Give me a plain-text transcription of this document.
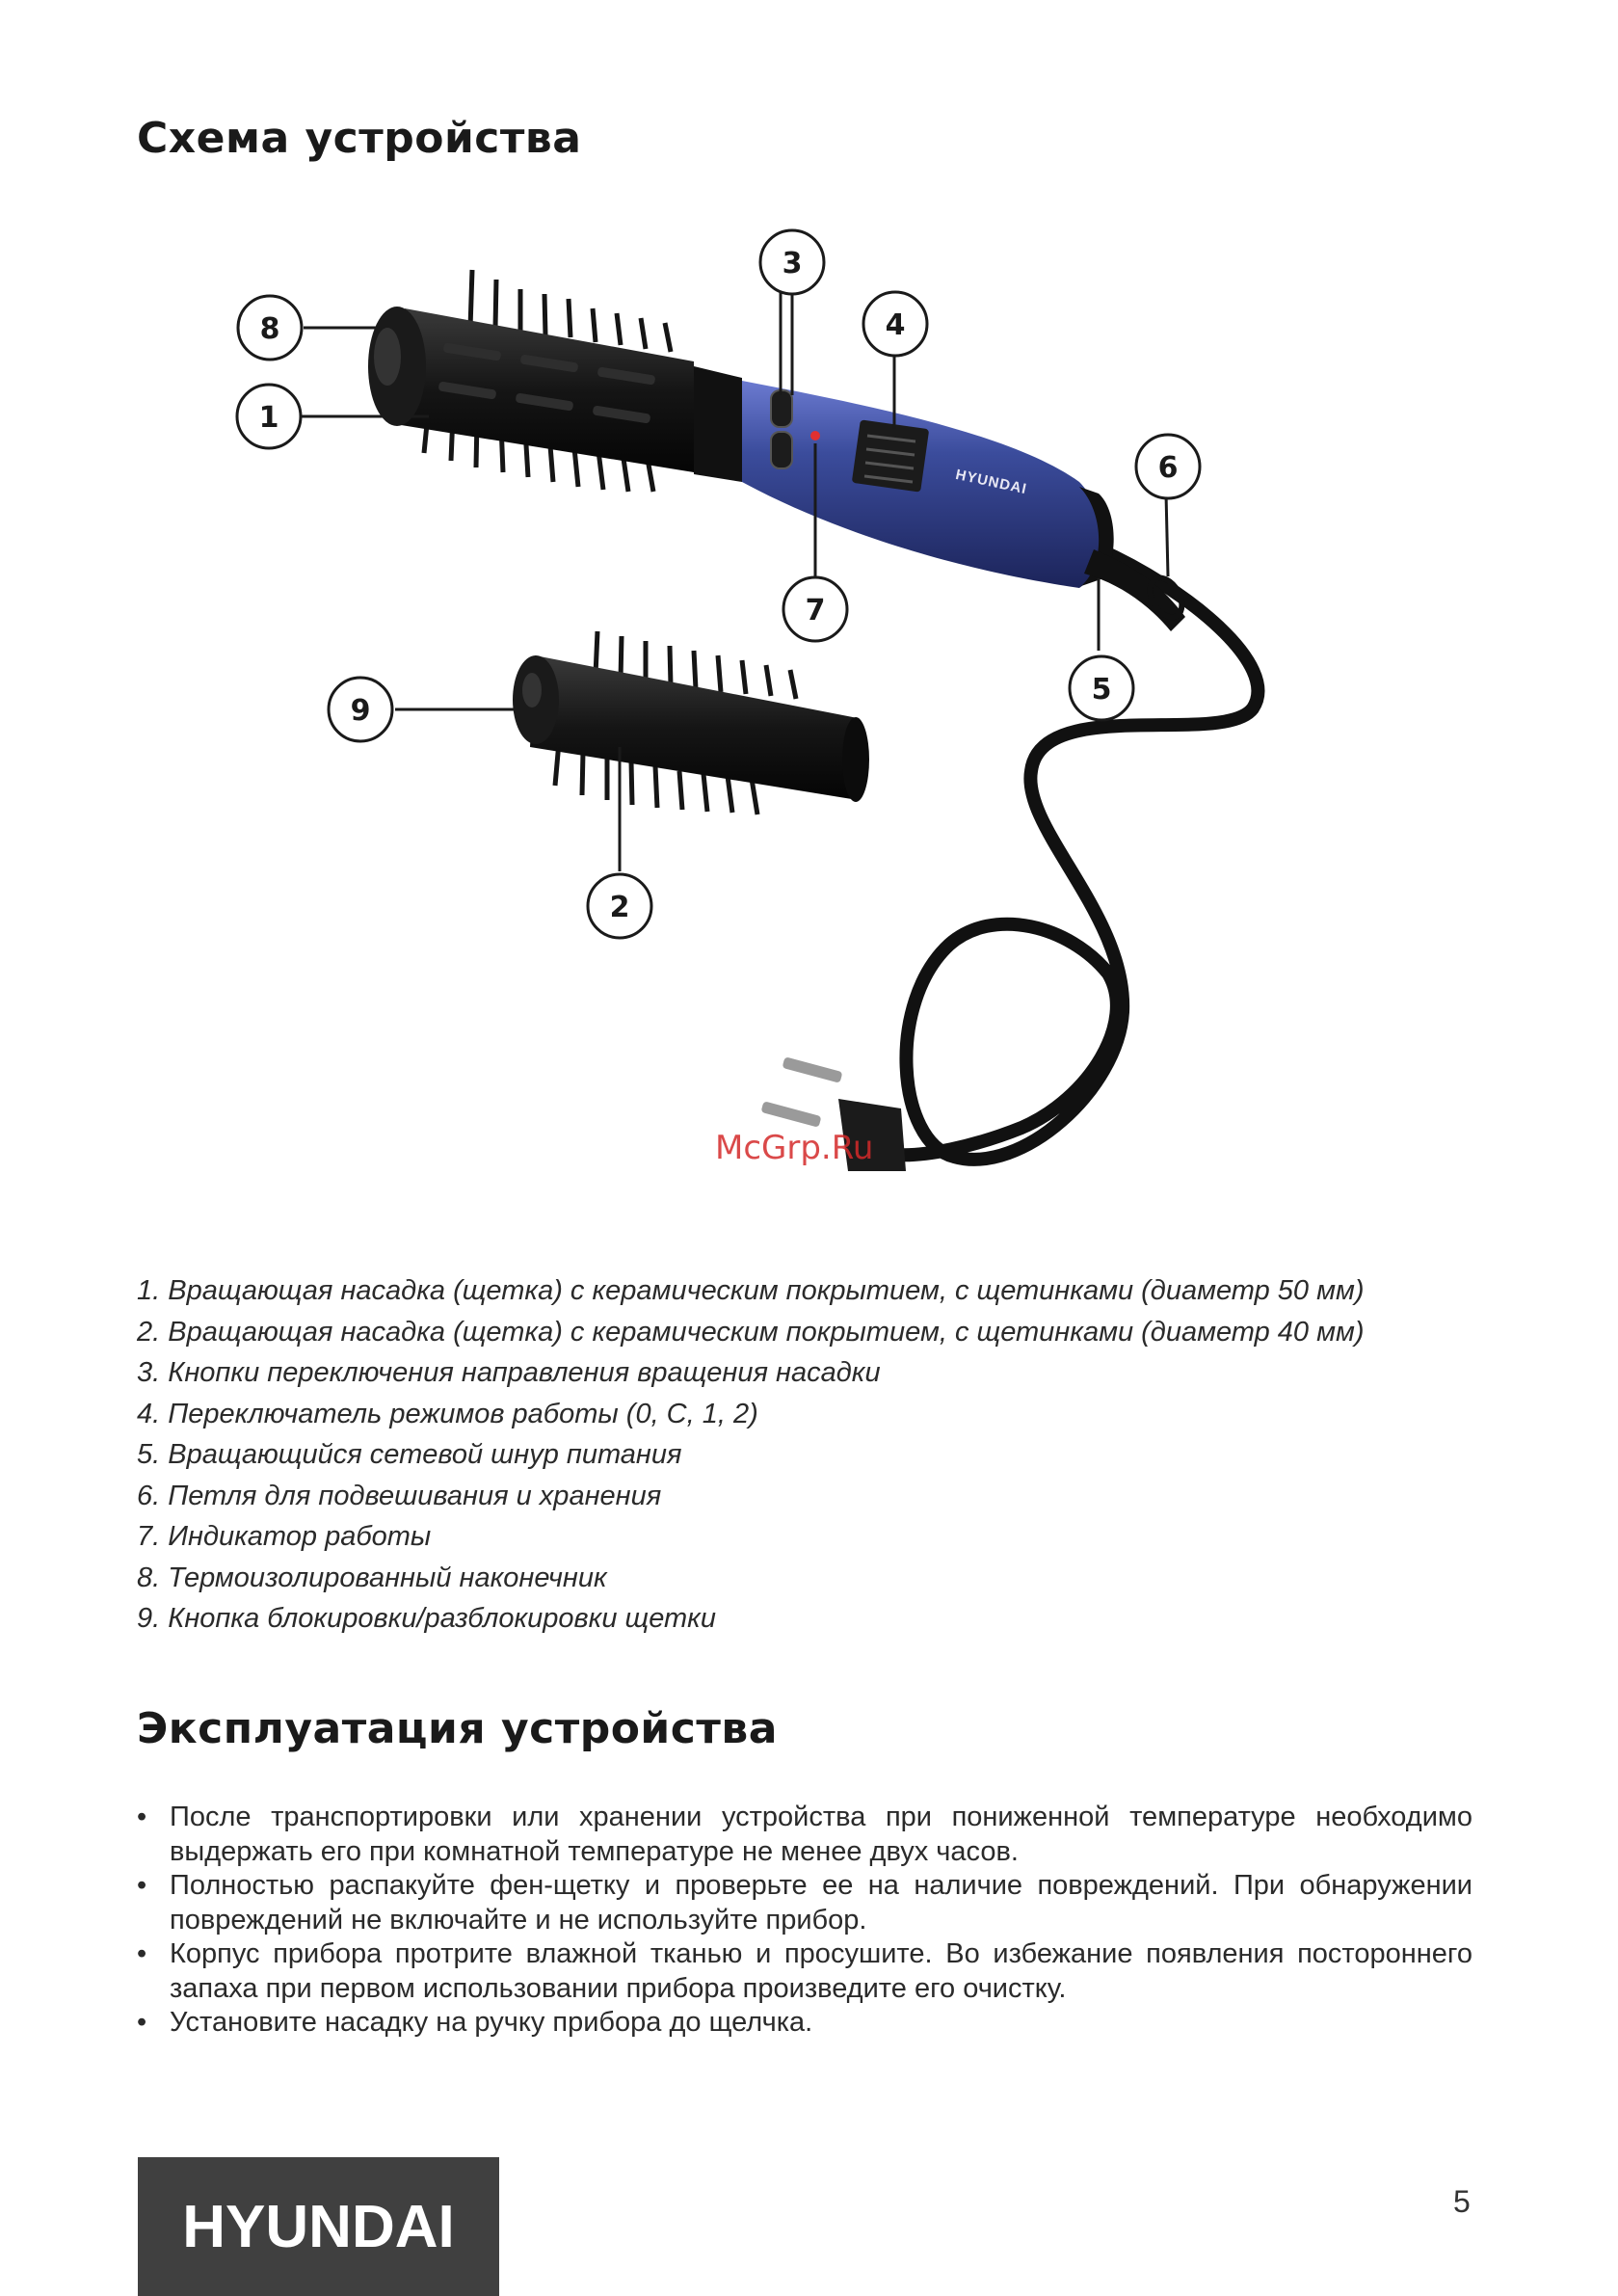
Схема устройства
HYUNDAI
1
2
3
4
5
6
7
8
9
McGrp.Ru
1. Вращающая насадка (щетка) с керамическим покрытием, с щетинками (диаметр 50 мм)
2. Вращающая насадка (щетка) с керамическим покрытием, с щетинками (диаметр 40 мм)
3. Кнопки переключения направления вращения насадки
4. Переключатель режимов работы (0, С, 1, 2)
5. Вращающийся сетевой шнур питания
6. Петля для подвешивания и хранения
7. Индикатор работы
8. Термоизолированный наконечник
9. Кнопка блокировки/разблокировки щетки
Эксплуатация устройства
• После транспортировки или хранении устройства при пониженной температуре необходимо выдержать его при комнатной температуре не менее двух часов.
• Полностью распакуйте фен-щетку и проверьте ее на наличие повреждений. При обнаружении повреждений не включайте и не используйте прибор.
• Корпус прибора протрите влажной тканью и просушите. Во избежание появления постороннего запаха при первом использовании прибора произведите его очистку.
• Установите насадку на ручку прибора до щелчка.
HYUNDAI	5
